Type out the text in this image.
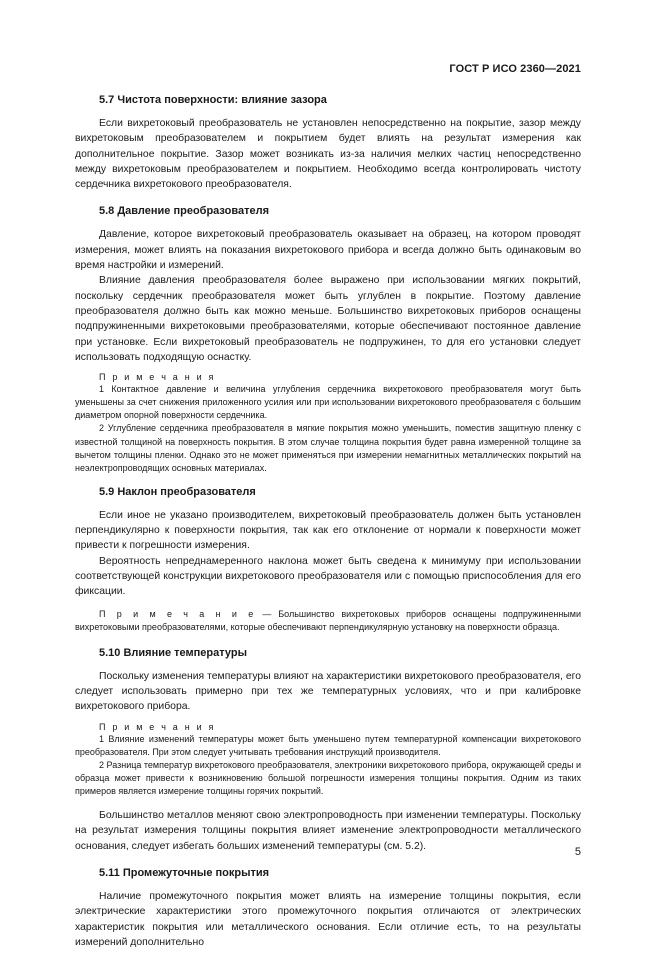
ГОСТ Р ИСО 2360—2021
5.7 Чистота поверхности: влияние зазора

Если вихретоковый преобразователь не установлен непосредственно на покрытие, зазор между вихретоковым преобразователем и покрытием будет влиять на результат измерения как дополнительное покрытие. Зазор может возникать из-за наличия мелких частиц непосредственно между вихретоковым преобразователем и покрытием. Необходимо всегда контролировать чистоту сердечника вихретокового преобразователя.

5.8 Давление преобразователя

Давление, которое вихретоковый преобразователь оказывает на образец, на котором проводят измерения, может влиять на показания вихретокового прибора и всегда должно быть одинаковым во время настройки и измерений.

Влияние давления преобразователя более выражено при использовании мягких покрытий, поскольку сердечник преобразователя может быть углублен в покрытие. Поэтому давление преобразователя должно быть как можно меньше. Большинство вихретоковых приборов оснащены подпружиненными вихретоковыми преобразователями, которые обеспечивают постоянное давление при установке. Если вихретоковый преобразователь не подпружинен, то для его установки следует использовать подходящую оснастку.

П р и м е ч а н и я

1 Контактное давление и величина углубления сердечника вихретокового преобразователя могут быть уменьшены за счет снижения приложенного усилия или при использовании вихретокового преобразователя с большим диаметром опорной поверхности сердечника.

2 Углубление сердечника преобразователя в мягкие покрытия можно уменьшить, поместив защитную пленку с известной толщиной на поверхность покрытия. В этом случае толщина покрытия будет равна измеренной толщине за вычетом толщины пленки. Однако это не может применяться при измерении немагнитных металлических покрытий на неэлектропроводящих основных материалах.

5.9 Наклон преобразователя

Если иное не указано производителем, вихретоковый преобразователь должен быть установлен перпендикулярно к поверхности покрытия, так как его отклонение от нормали к поверхности может привести к погрешности измерения.

Вероятность непреднамеренного наклона может быть сведена к минимуму при использовании соответствующей конструкции вихретокового преобразователя или с помощью приспособления для его фиксации.

П р и м е ч а н и е — Большинство вихретоковых приборов оснащены подпружиненными вихретоковыми преобразователями, которые обеспечивают перпендикулярную установку на поверхности образца.

5.10 Влияние температуры

Поскольку изменения температуры влияют на характеристики вихретокового преобразователя, его следует использовать примерно при тех же температурных условиях, что и при калибровке вихретокового прибора.

П р и м е ч а н и я

1 Влияние изменений температуры может быть уменьшено путем температурной компенсации вихретокового преобразователя. При этом следует учитывать требования инструкций производителя.

2 Разница температур вихретокового преобразователя, электроники вихретокового прибора, окружающей среды и образца может привести к возникновению большой погрешности измерения толщины покрытия. Одним из таких примеров является измерение толщины горячих покрытий.

Большинство металлов меняют свою электропроводность при изменении температуры. Поскольку на результат измерения толщины покрытия влияет изменение электропроводности металлического основания, следует избегать больших изменений температуры (см. 5.2).

5.11 Промежуточные покрытия

Наличие промежуточного покрытия может влиять на измерение толщины покрытия, если электрические характеристики этого промежуточного покрытия отличаются от электрических характеристик покрытия или металлического основания. Если отличие есть, то на результаты измерений дополнительно

5
